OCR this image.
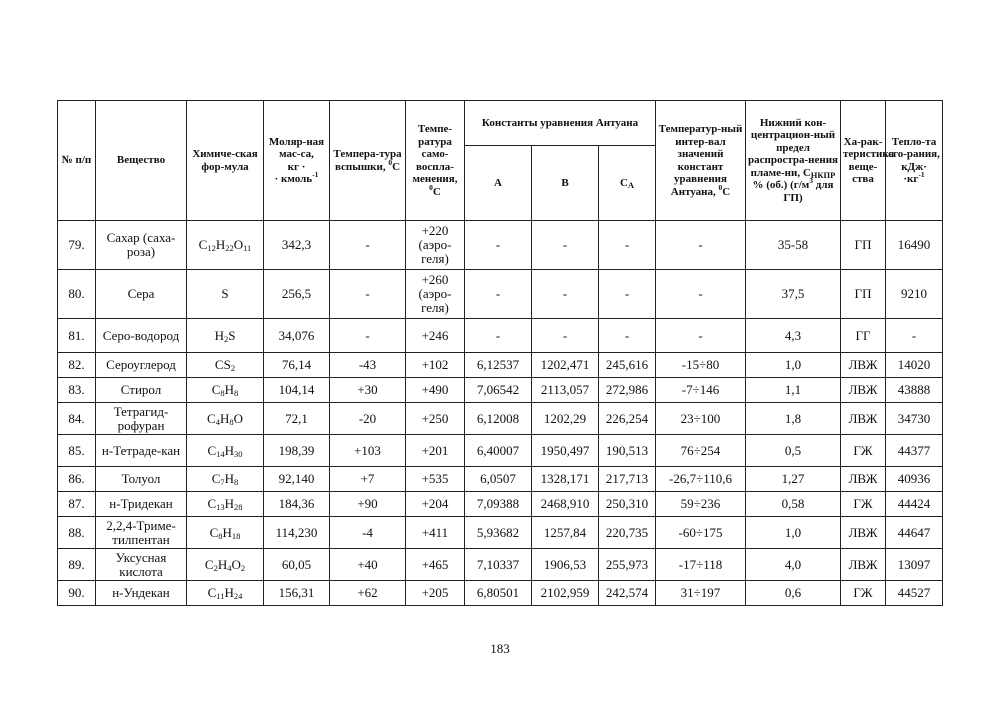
№ п/п	Вещество	Химиче-ская фор-мула	Моляр-ная мас-са,
кг ·
· кмоль$^{-1}$	Темпера-тура вспышки, $^0$C	Темпе-ратура само-воспла-менения, $^0$C	Константы уравнения Антуана			Температур-ный интер-вал значений констант уравнения Антуана, $^0$C	Нижний кон-центрацион-ный предел распростра-нения пламе-ни, $C_{НКПР}$ % (об.) ($г/м^3$ для ГП)	Ха-рак-теристика веще-ства	Тепло-та сго-рания, кДж·
$\cdot кг^{-1}$
						A	B	$C_A$
79.	Сахар (саха-роза)	$C_{12}H_{22}O_{11}$	342,3	-	+220 (аэро-геля)	-	-	-	-	35-58	ГП	16490
80.	Сера	S	256,5	-	+260 (аэро-геля)	-	-	-	-	37,5	ГП	9210
81.	Серо-водород	$H_2S$	34,076	-	+246	-	-	-	-	4,3	ГГ	-
82.	Сероуглерод	$CS_2$	76,14	-43	+102	6,12537	1202,471	245,616	-15÷80	1,0	ЛВЖ	14020
83.	Стирол	$C_8H_8$	104,14	+30	+490	7,06542	2113,057	272,986	-7÷146	1,1	ЛВЖ	43888
84.	Тетрагид-рофуран	$C_4H_8O$	72,1	-20	+250	6,12008	1202,29	226,254	23÷100	1,8	ЛВЖ	34730
85.	н-Тетраде-кан	$C_{14}H_{30}$	198,39	+103	+201	6,40007	1950,497	190,513	76÷254	0,5	ГЖ	44377
86.	Толуол	$C_7H_8$	92,140	+7	+535	6,0507	1328,171	217,713	-26,7÷110,6	1,27	ЛВЖ	40936
87.	н-Тридекан	$C_{13}H_{28}$	184,36	+90	+204	7,09388	2468,910	250,310	59÷236	0,58	ГЖ	44424
88.	2,2,4-Триме-тилпентан	$C_8H_{18}$	114,230	-4	+411	5,93682	1257,84	220,735	-60÷175	1,0	ЛВЖ	44647
89.	Уксусная кислота	$C_2H_4O_2$	60,05	+40	+465	7,10337	1906,53	255,973	-17÷118	4,0	ЛВЖ	13097
90.	н-Ундекан	$C_{11}H_{24}$	156,31	+62	+205	6,80501	2102,959	242,574	31÷197	0,6	ГЖ	44527
183
